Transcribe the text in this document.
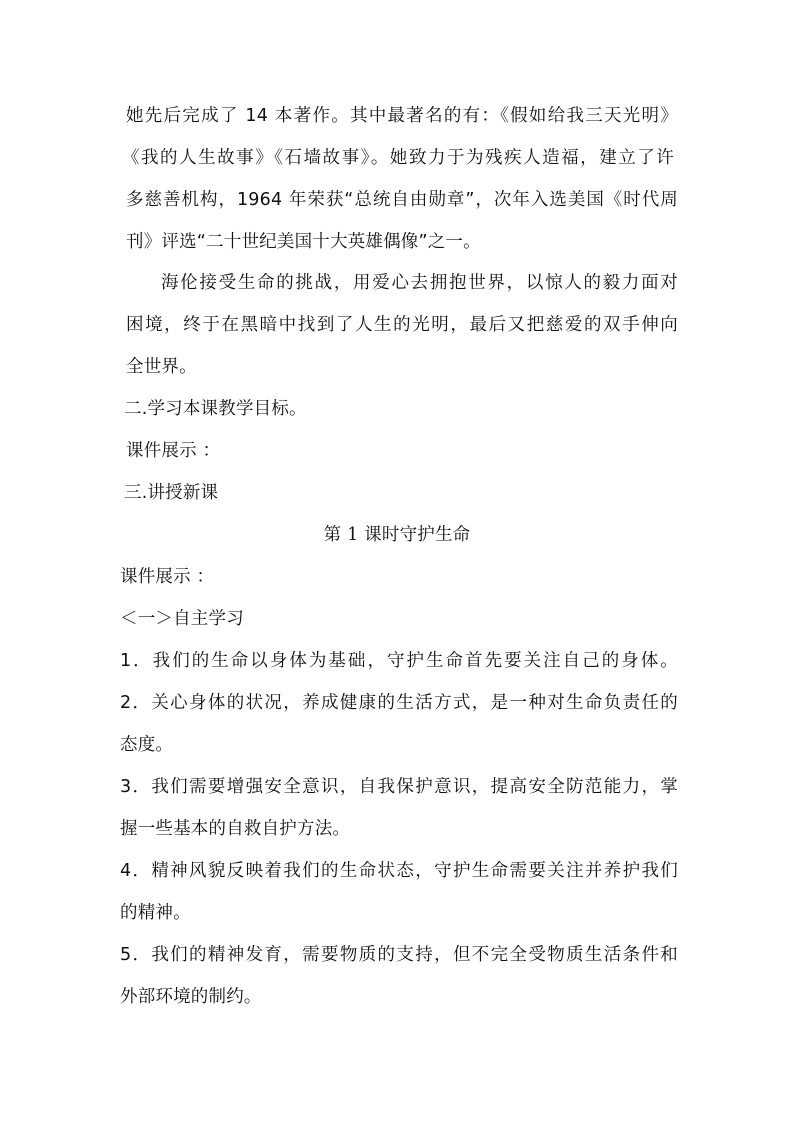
她先后完成了 14 本著作。其中最著名的有：《假如给我三天光明》
《我的人生故事》《石墙故事》。她致力于为残疾人造福，建立了许
多慈善机构，1964 年荣获“总统自由勋章”，次年入选美国《时代周
刊》评选“二十世纪美国十大英雄偶像”之一。
海伦接受生命的挑战，用爱心去拥抱世界，以惊人的毅力面对
困境，终于在黑暗中找到了人生的光明，最后又把慈爱的双手伸向
全世界。
二.学习本课教学目标。
课件展示 ：
三.讲授新课
第 1 课时守护生命
课件展示 ：
＜一＞自主学习
1．我们的生命以身体为基础，守护生命首先要关注自己的身体。
2．关心身体的状况，养成健康的生活方式，是一种对生命负责任的
态度。
3．我们需要增强安全意识，自我保护意识，提高安全防范能力，掌
握一些基本的自救自护方法。
4．精神风貌反映着我们的生命状态，守护生命需要关注并养护我们
的精神。
5．我们的精神发育，需要物质的支持，但不完全受物质生活条件和
外部环境的制约。
